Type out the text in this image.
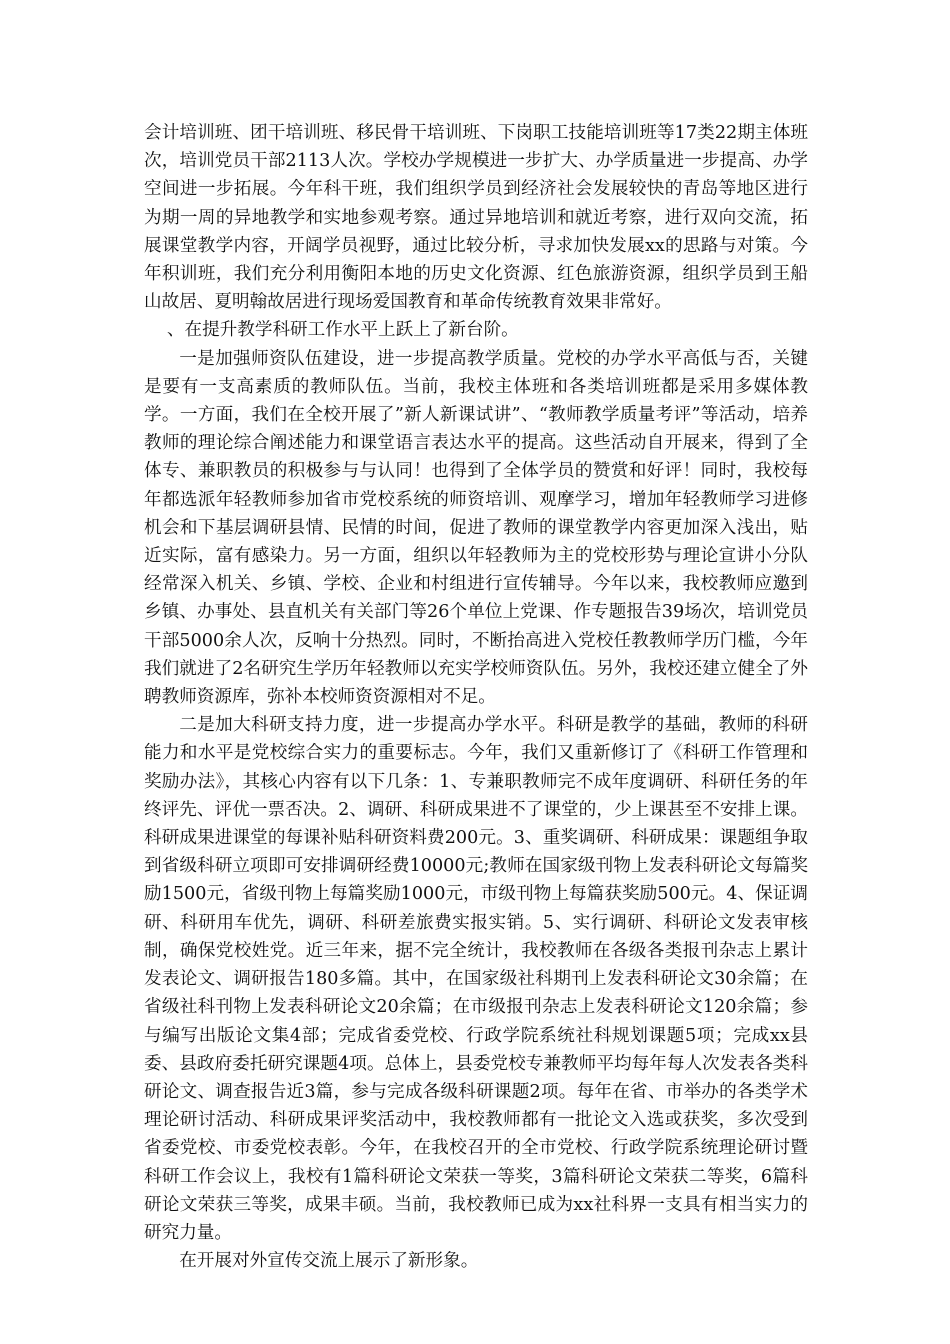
会计培训班、团干培训班、移民骨干培训班、下岗职工技能培训班等17类22期主体班次，培训党员干部2113人次。学校办学规模进一步扩大、办学质量进一步提高、办学空间进一步拓展。今年科干班，我们组织学员到经济社会发展较快的青岛等地区进行为期一周的异地教学和实地参观考察。通过异地培训和就近考察，进行双向交流，拓展课堂教学内容，开阔学员视野，通过比较分析，寻求加快发展xx的思路与对策。今年积训班，我们充分利用衡阳本地的历史文化资源、红色旅游资源，组织学员到王船山故居、夏明翰故居进行现场爱国教育和革命传统教育效果非常好。

、在提升教学科研工作水平上跃上了新台阶。

一是加强师资队伍建设，进一步提高教学质量。党校的办学水平高低与否，关键是要有一支高素质的教师队伍。当前，我校主体班和各类培训班都是采用多媒体教学。一方面，我们在全校开展了”新人新课试讲”、“教师教学质量考评”等活动，培养教师的理论综合阐述能力和课堂语言表达水平的提高。这些活动自开展来，得到了全体专、兼职教员的积极参与与认同！也得到了全体学员的赞赏和好评！同时，我校每年都选派年轻教师参加省市党校系统的师资培训、观摩学习，增加年轻教师学习进修机会和下基层调研县情、民情的时间，促进了教师的课堂教学内容更加深入浅出，贴近实际，富有感染力。另一方面，组织以年轻教师为主的党校形势与理论宣讲小分队经常深入机关、乡镇、学校、企业和村组进行宣传辅导。今年以来，我校教师应邀到乡镇、办事处、县直机关有关部门等26个单位上党课、作专题报告39场次，培训党员干部5000余人次，反响十分热烈。同时，不断抬高进入党校任教教师学历门槛，今年我们就进了2名研究生学历年轻教师以充实学校师资队伍。另外，我校还建立健全了外聘教师资源库，弥补本校师资资源相对不足。

二是加大科研支持力度，进一步提高办学水平。科研是教学的基础，教师的科研能力和水平是党校综合实力的重要标志。今年，我们又重新修订了《科研工作管理和奖励办法》，其核心内容有以下几条：1、专兼职教师完不成年度调研、科研任务的年终评先、评优一票否决。2、调研、科研成果进不了课堂的，少上课甚至不安排上课。科研成果进课堂的每课补贴科研资料费200元。3、重奖调研、科研成果：课题组争取到省级科研立项即可安排调研经费10000元;教师在国家级刊物上发表科研论文每篇奖励1500元，省级刊物上每篇奖励1000元，市级刊物上每篇获奖励500元。4、保证调研、科研用车优先，调研、科研差旅费实报实销。5、实行调研、科研论文发表审核制，确保党校姓党。近三年来，据不完全统计，我校教师在各级各类报刊杂志上累计发表论文、调研报告180多篇。其中，在国家级社科期刊上发表科研论文30余篇；在省级社科刊物上发表科研论文20余篇；在市级报刊杂志上发表科研论文120余篇；参与编写出版论文集4部；完成省委党校、行政学院系统社科规划课题5项；完成xx县委、县政府委托研究课题4项。总体上，县委党校专兼教师平均每年每人次发表各类科研论文、调查报告近3篇，参与完成各级科研课题2项。每年在省、市举办的各类学术理论研讨活动、科研成果评奖活动中，我校教师都有一批论文入选或获奖，多次受到省委党校、市委党校表彰。今年，在我校召开的全市党校、行政学院系统理论研讨暨科研工作会议上，我校有1篇科研论文荣获一等奖，3篇科研论文荣获二等奖，6篇科研论文荣获三等奖，成果丰硕。当前，我校教师已成为xx社科界一支具有相当实力的研究力量。

在开展对外宣传交流上展示了新形象。
